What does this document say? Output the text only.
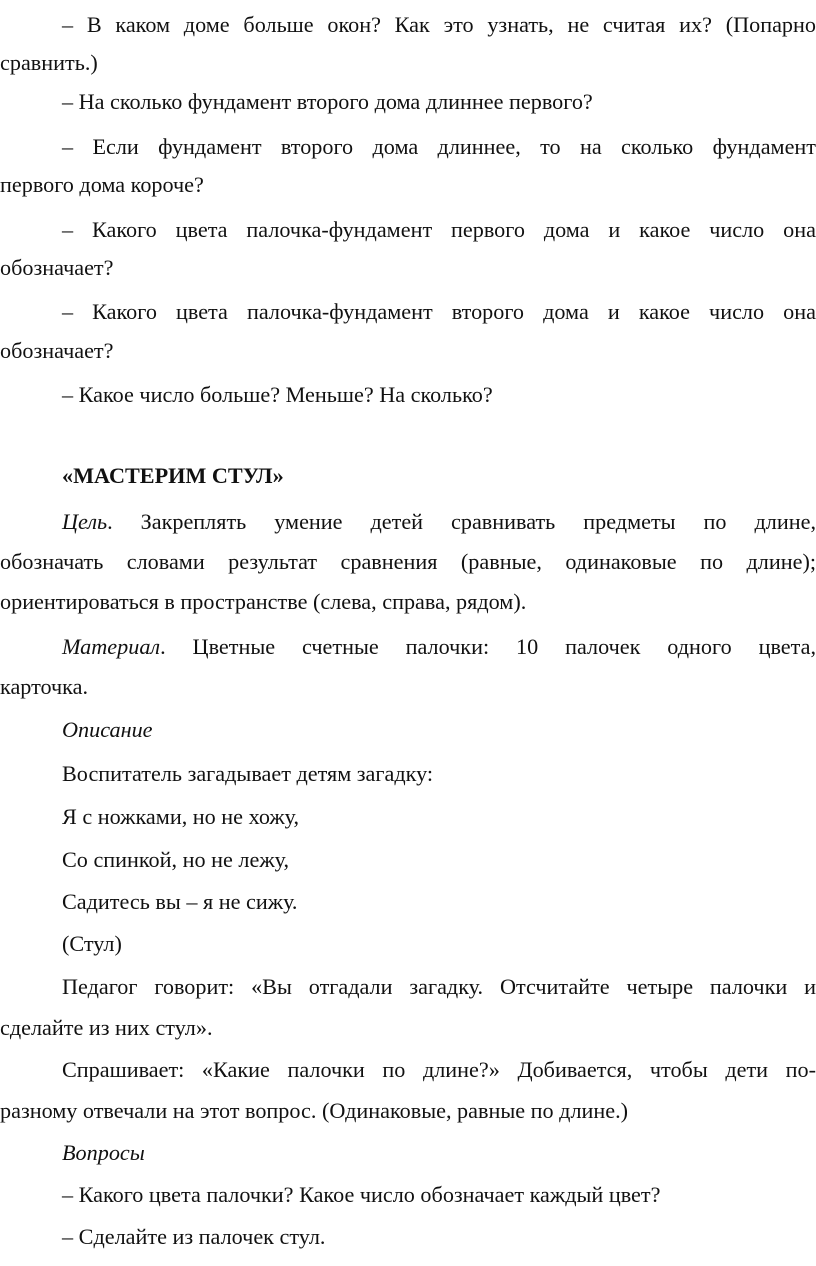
– В каком доме больше окон? Как это узнать, не считая их? (Попарно
сравнить.)
– На сколько фундамент второго дома длиннее первого?
– Если фундамент второго дома длиннее, то на сколько фундамент
первого дома короче?
– Какого цвета палочка-фундамент первого дома и какое число она
обозначает?
– Какого цвета палочка-фундамент второго дома и какое число она
обозначает?
– Какое число больше? Меньше? На сколько?
«МАСТЕРИМ СТУЛ»
Цель. Закреплять умение детей сравнивать предметы по длине,
обозначать словами результат сравнения (равные, одинаковые по длине);
ориентироваться в пространстве (слева, справа, рядом).
Материал. Цветные счетные палочки: 10 палочек одного цвета,
карточка.
Описание
Воспитатель загадывает детям загадку:
Я с ножками, но не хожу,
Со спинкой, но не лежу,
Садитесь вы – я не сижу.
(Стул)
Педагог говорит: «Вы отгадали загадку. Отсчитайте четыре палочки и
сделайте из них стул».
Спрашивает: «Какие палочки по длине?» Добивается, чтобы дети по-
разному отвечали на этот вопрос. (Одинаковые, равные по длине.)
Вопросы
– Какого цвета палочки? Какое число обозначает каждый цвет?
– Сделайте из палочек стул.
